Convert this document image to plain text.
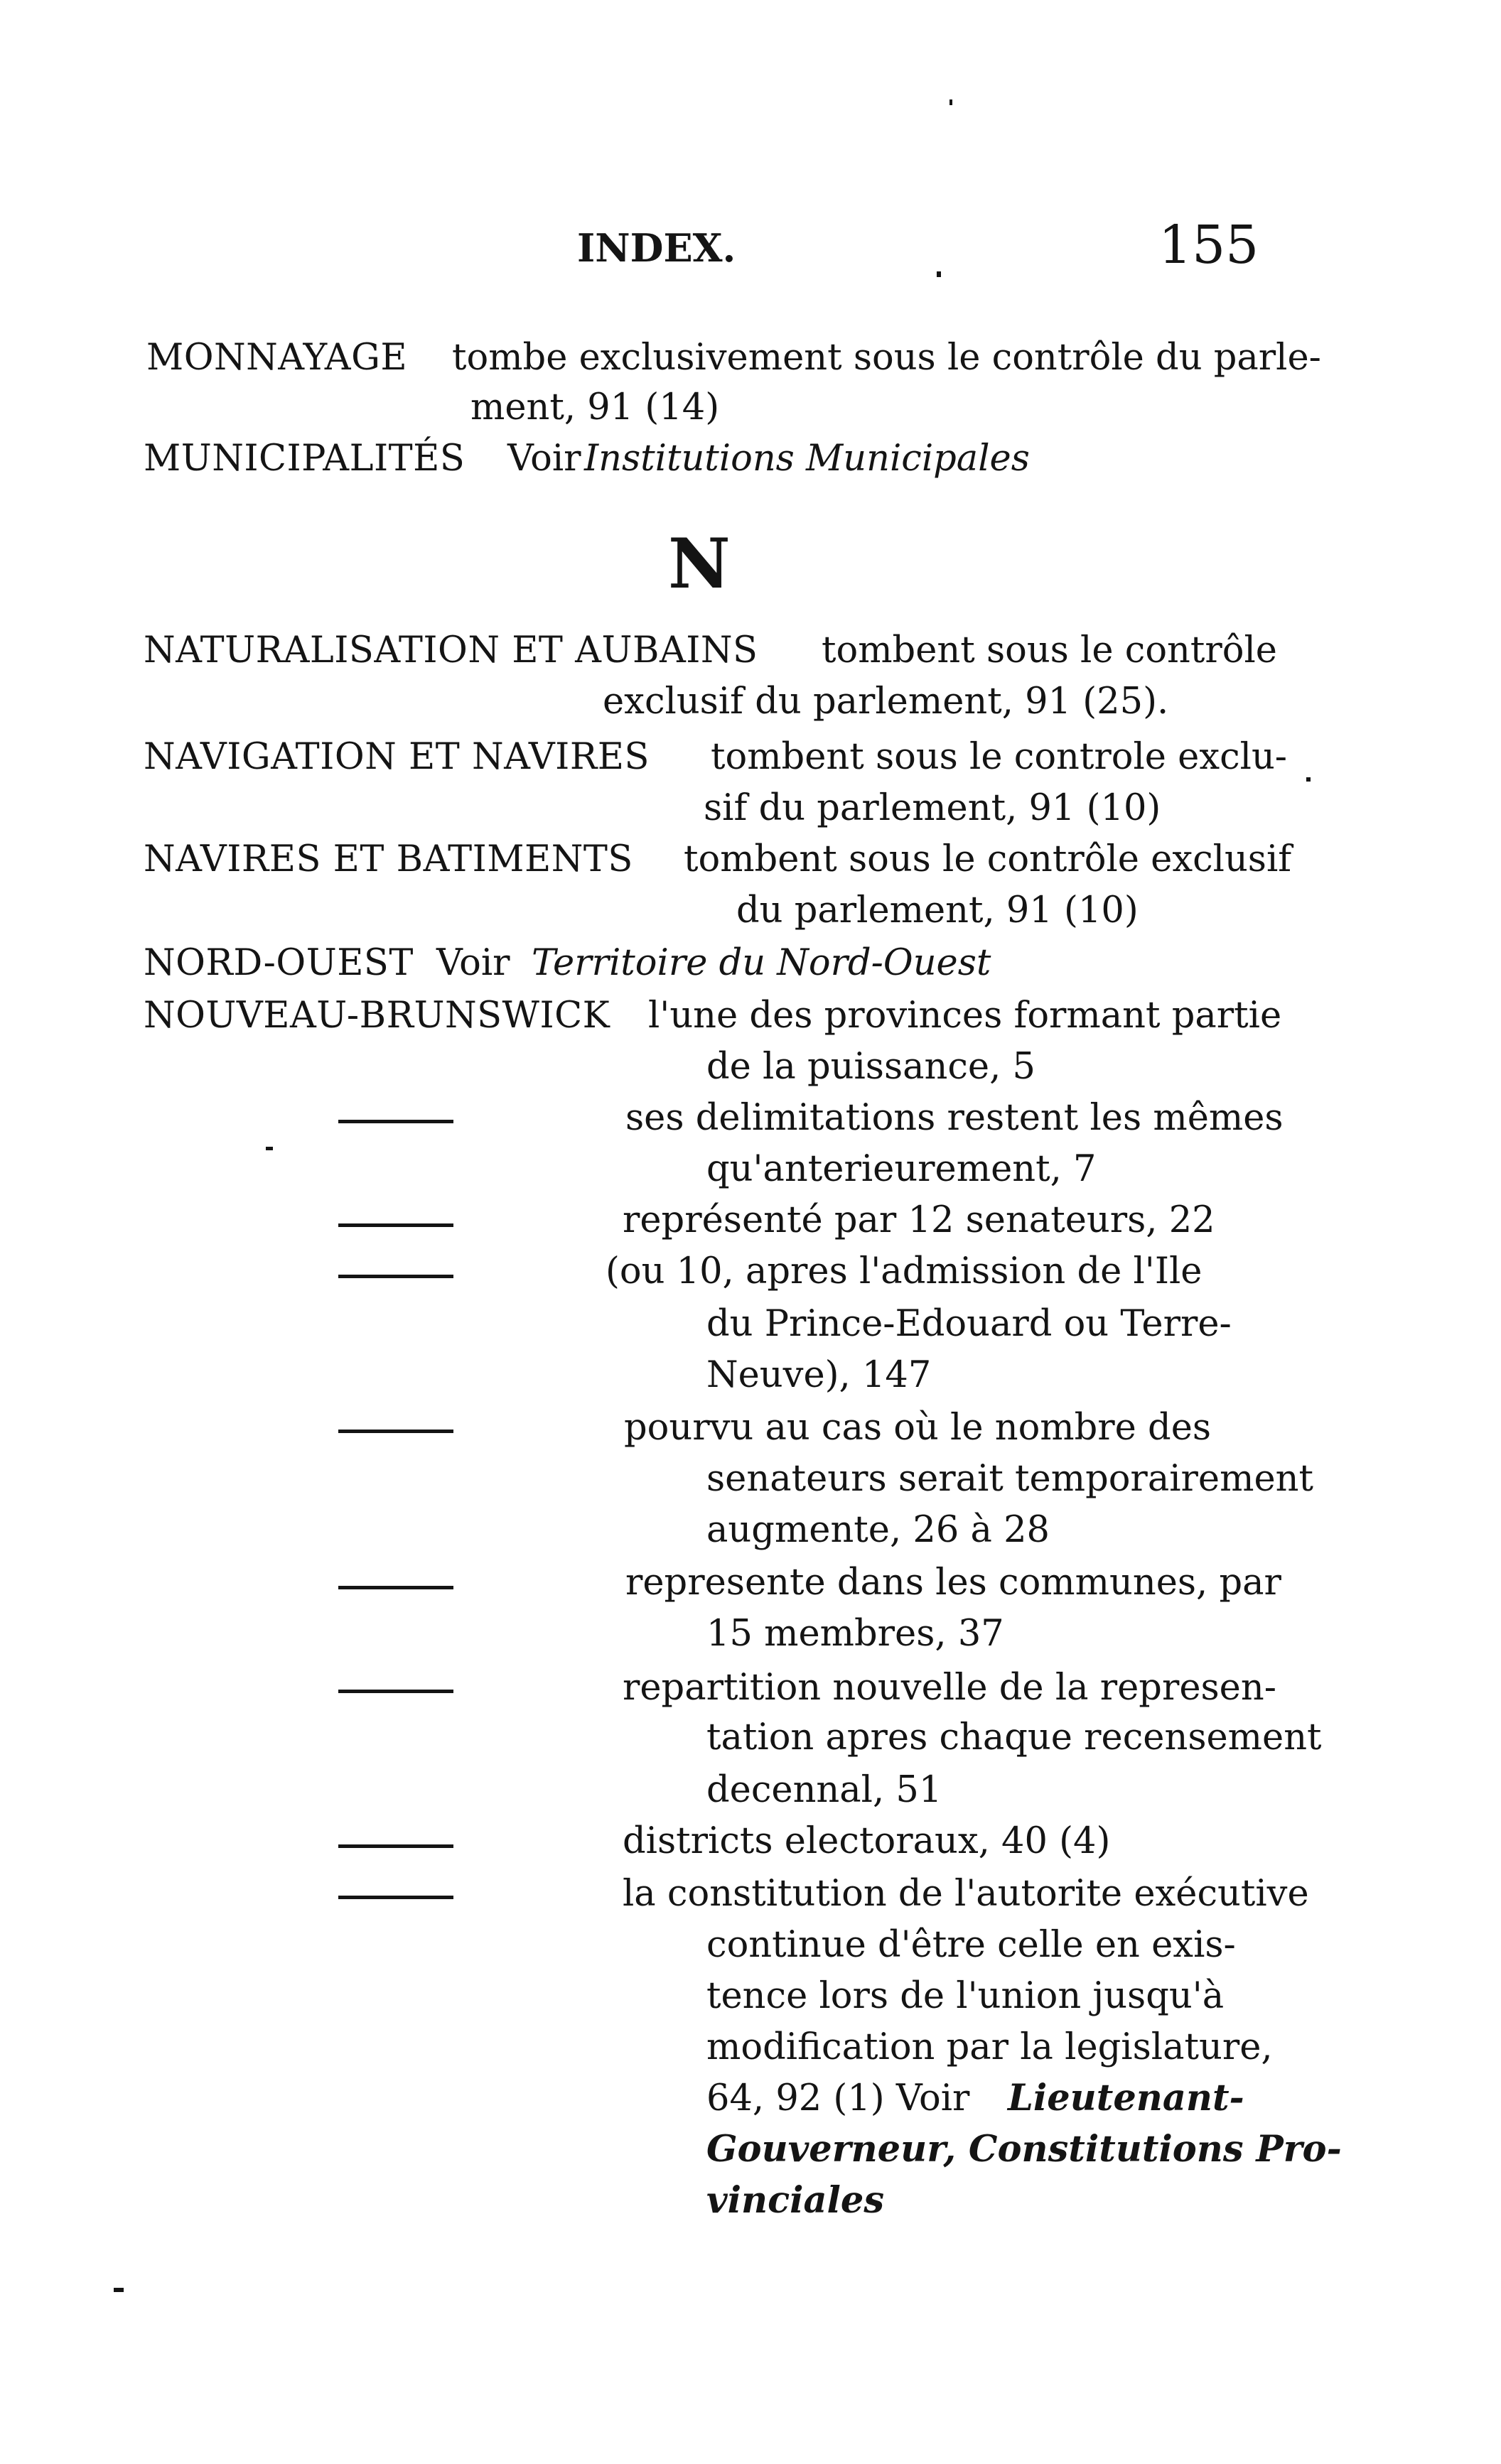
INDEX.	155
MONNAYAGE tombe exclusivement sous le contrôle du parle-
ment, 91 (14)
MUNICIPALITÉS Voir Institutions Municipales
N
NATURALISATION ET AUBAINS tombent sous le contrôle
exclusif du parlement, 91 (25).
NAVIGATION ET NAVIRES tombent sous le controle exclu-
sif du parlement, 91 (10)
NAVIRES ET BATIMENTS tombent sous le contrôle exclusif
du parlement, 91 (10)
NORD-OUEST Voir Territoire du Nord-Ouest
NOUVEAU-BRUNSWICK l'une des provinces formant partie
de la puissance, 5
ses delimitations restent les mêmes
qu'anterieurement, 7
représenté par 12 senateurs, 22
(ou 10, apres l'admission de l'Ile
du Prince-Edouard ou Terre-
Neuve), 147
pourvu au cas où le nombre des
senateurs serait temporairement
augmente, 26 à 28
represente dans les communes, par
15 membres, 37
repartition nouvelle de la represen-
tation apres chaque recensement
decennal, 51
districts electoraux, 40 (4)
la constitution de l'autorite exécutive
continue d'être celle en exis-
tence lors de l'union jusqu'à
modification par la legislature,
64, 92 (1) Voir Lieutenant-
Gouverneur, Constitutions Pro-
vinciales
